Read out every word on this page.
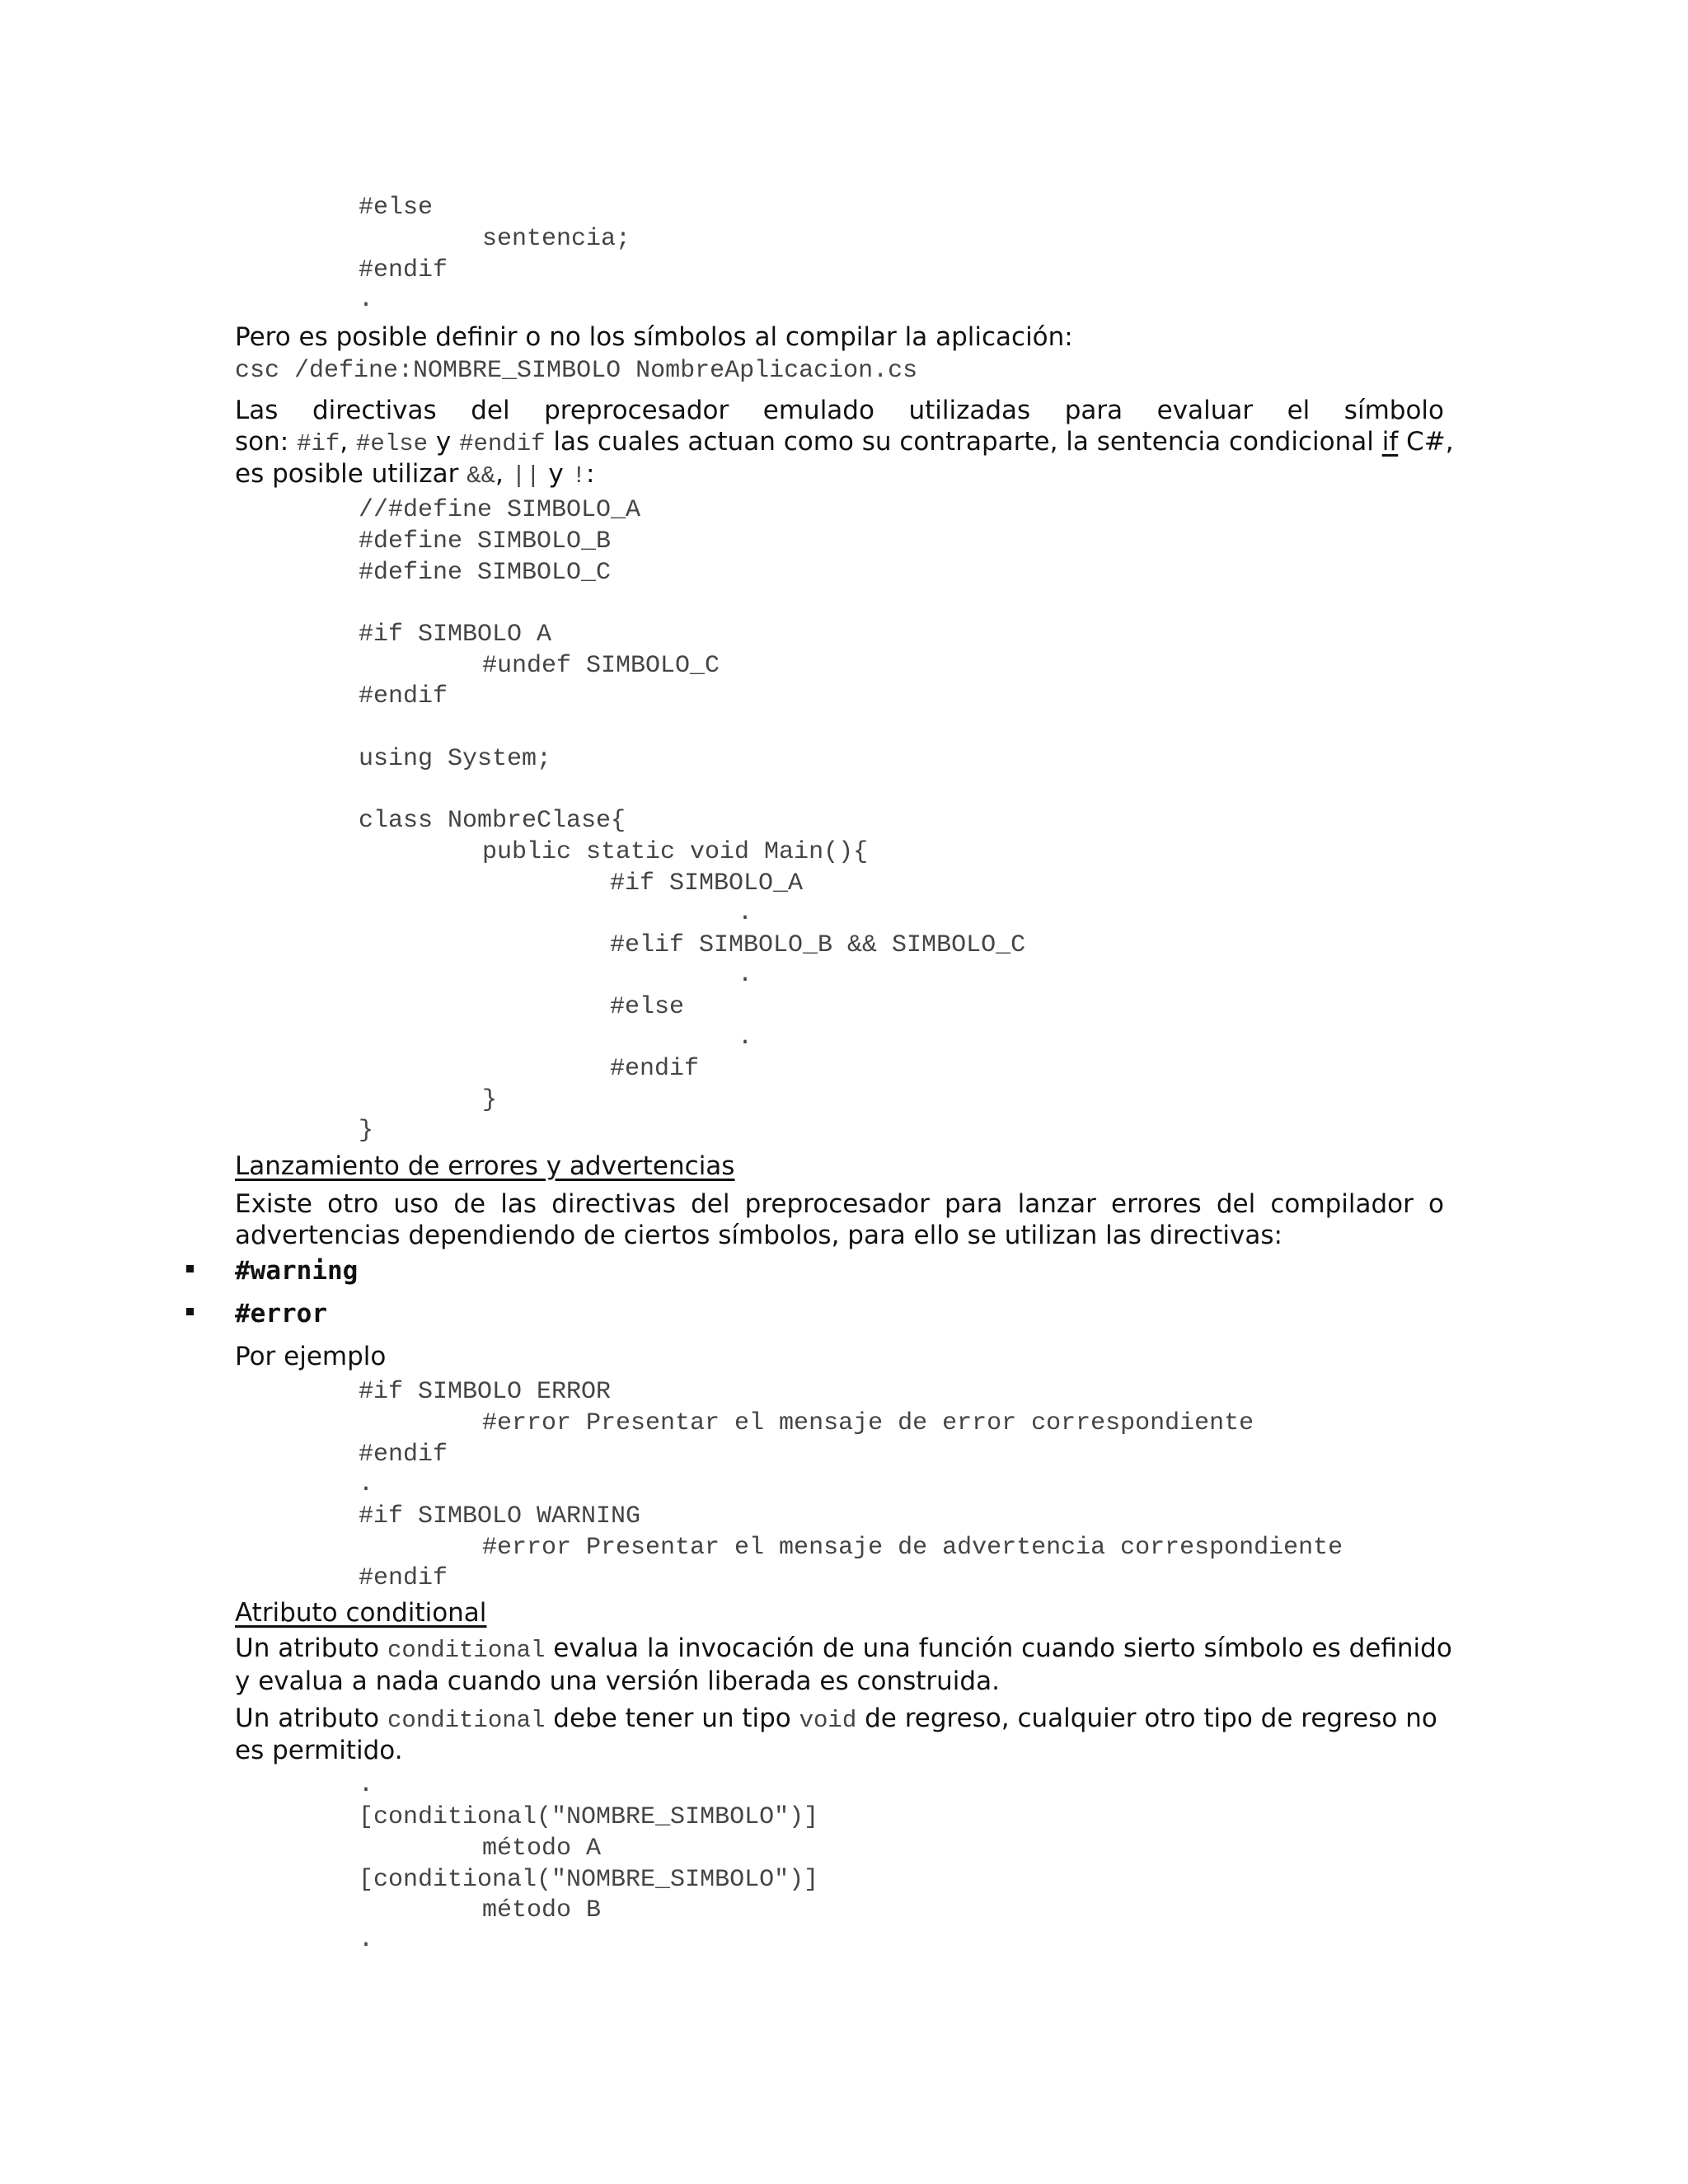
#else
sentencia;
#endif
.
Pero es posible definir o no los símbolos al compilar la aplicación:
csc /define:NOMBRE_SIMBOLO NombreAplicacion.cs
Las directivas del preprocesador emulado utilizadas para evaluar el símbolo
son: #if, #else y #endif las cuales actuan como su contraparte, la sentencia condicional if C#,
es posible utilizar &&, || y !:
//#define SIMBOLO_A
#define SIMBOLO_B
#define SIMBOLO_C
#if SIMBOLO A
#undef SIMBOLO_C
#endif
using System;
class NombreClase{
public static void Main(){
#if SIMBOLO_A
.
#elif SIMBOLO_B && SIMBOLO_C
.
#else
.
#endif
}
}
Lanzamiento de errores y advertencias
Existe otro uso de las directivas del preprocesador para lanzar errores del compilador o
advertencias dependiendo de ciertos símbolos, para ello se utilizan las directivas:
#warning
#error
Por ejemplo
#if SIMBOLO ERROR
#error Presentar el mensaje de error correspondiente
#endif
.
#if SIMBOLO WARNING
#error Presentar el mensaje de advertencia correspondiente
#endif
Atributo conditional
Un atributo conditional evalua la invocación de una función cuando sierto símbolo es definido
y evalua a nada cuando una versión liberada es construida.
Un atributo conditional debe tener un tipo void de regreso, cualquier otro tipo de regreso no
es permitido.
.
[conditional("NOMBRE_SIMBOLO")]
método A
[conditional("NOMBRE_SIMBOLO")]
método B
.
